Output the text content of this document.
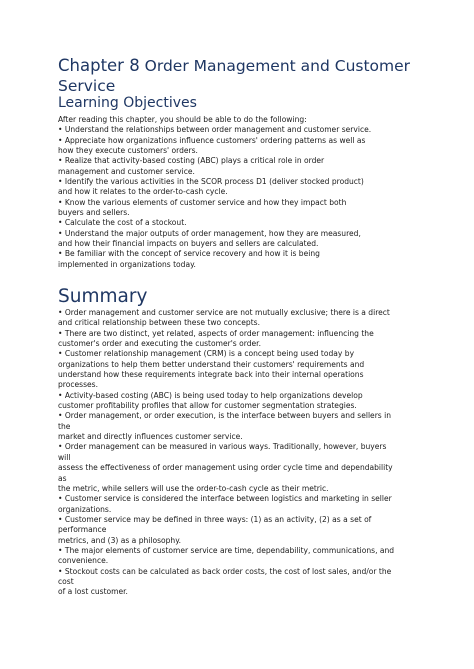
Chapter 8 Order Management and Customer Service
Learning Objectives
After reading this chapter, you should be able to do the following:
• Understand the relationships between order management and customer service.
• Appreciate how organizations influence customers' ordering patterns as well as
how they execute customers' orders.
• Realize that activity-based costing (ABC) plays a critical role in order
management and customer service.
• Identify the various activities in the SCOR process D1 (deliver stocked product)
and how it relates to the order-to-cash cycle.
• Know the various elements of customer service and how they impact both
buyers and sellers.
• Calculate the cost of a stockout.
• Understand the major outputs of order management, how they are measured,
and how their financial impacts on buyers and sellers are calculated.
• Be familiar with the concept of service recovery and how it is being
implemented in organizations today.
Summary
• Order management and customer service are not mutually exclusive; there is a direct
and critical relationship between these two concepts.
• There are two distinct, yet related, aspects of order management: influencing the
customer's order and executing the customer's order.
• Customer relationship management (CRM) is a concept being used today by
organizations to help them better understand their customers' requirements and
understand how these requirements integrate back into their internal operations
processes.
• Activity-based costing (ABC) is being used today to help organizations develop
customer profitability profiles that allow for customer segmentation strategies.
• Order management, or order execution, is the interface between buyers and sellers in
the
market and directly influences customer service.
• Order management can be measured in various ways. Traditionally, however, buyers
will
assess the effectiveness of order management using order cycle time and dependability
as
the metric, while sellers will use the order-to-cash cycle as their metric.
• Customer service is considered the interface between logistics and marketing in seller
organizations.
• Customer service may be defined in three ways: (1) as an activity, (2) as a set of
performance
metrics, and (3) as a philosophy.
• The major elements of customer service are time, dependability, communications, and
convenience.
• Stockout costs can be calculated as back order costs, the cost of lost sales, and/or the
cost
of a lost customer.
